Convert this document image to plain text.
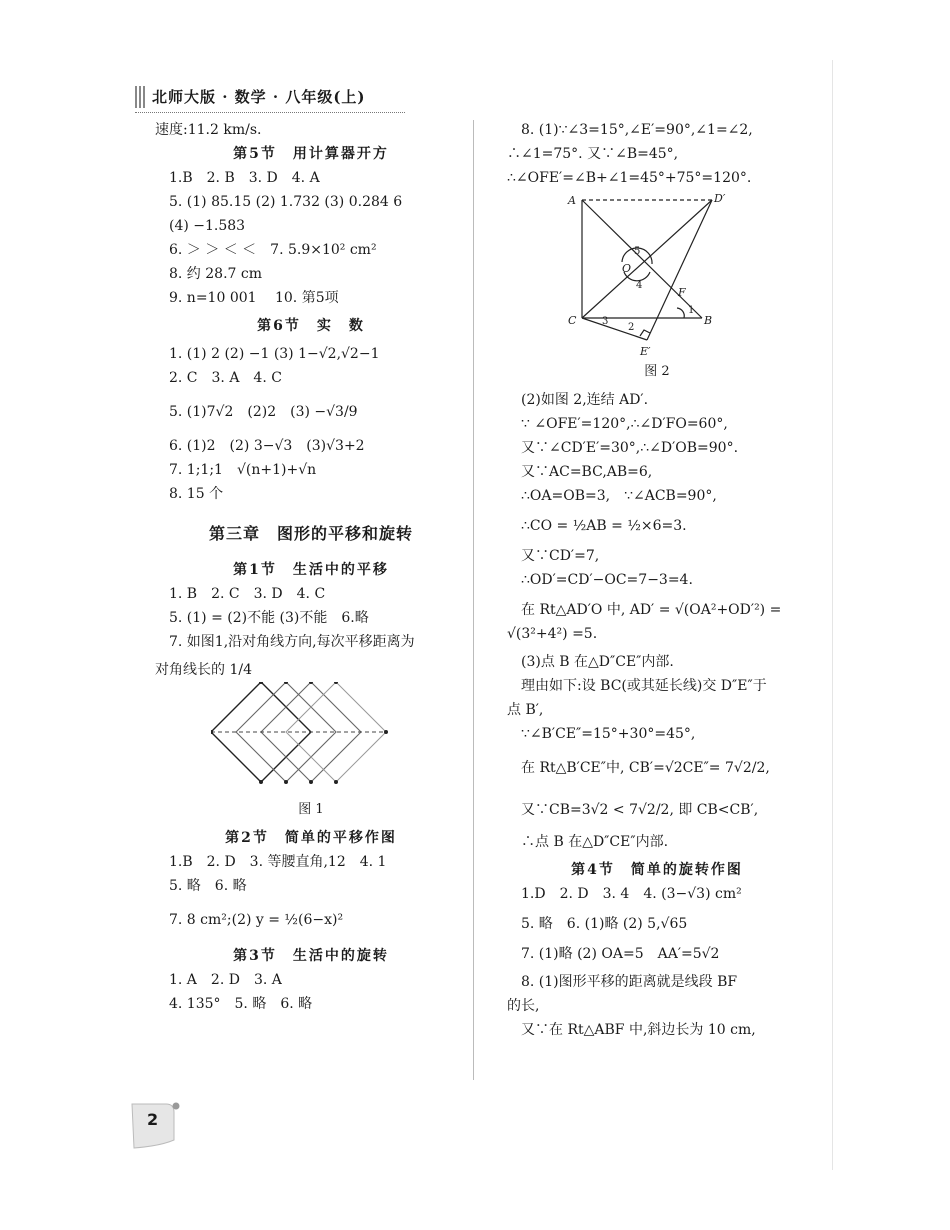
北师大版 · 数学 · 八年级(上)
速度:11.2 km/s.
第5节　用计算器开方
1.B　2. B　3. D　4. A
5. (1) 85.15 (2) 1.732 (3) 0.284 6
(4) −1.583
6. ＞ ＞ ＜ ＜　7. 5.9×10² cm²
8. 约 28.7 cm
9. n=10 001　 10. 第5项
第6节　实　数
1. (1) 2 (2) −1 (3) 1−√2,√2−1
2. C　3. A　4. C
5. (1)7√2　(2)2　(3) −√3/9
6. (1)2　(2) 3−√3　(3)√3+2
7. 1;1;1　√(n+1)+√n
8. 15 个
第三章　图形的平移和旋转
第1节　生活中的平移
1. B　2. C　3. D　4. C
5. (1) = (2)不能 (3)不能　6.略
7. 如图1,沿对角线方向,每次平移距离为
对角线长的 1/4
图 1
第2节　简单的平移作图
1.B　2. D　3. 等腰直角,12　4. 1
5. 略　6. 略
7. 8 cm²;(2) y = ½(6−x)²
第3节　生活中的旋转
1. A　2. D　3. A
4. 135°　5. 略　6. 略
8. (1)∵∠3=15°,∠E′=90°,∠1=∠2,
∴∠1=75°. 又∵∠B=45°,
∴∠OFE′=∠B+∠1=45°+75°=120°.
A	D′
O
F
C	B
E′
5
4
1
2
3
图 2
(2)如图 2,连结 AD′.
∵ ∠OFE′=120°,∴∠D′FO=60°,
又∵∠CD′E′=30°,∴∠D′OB=90°.
又∵AC=BC,AB=6,
∴OA=OB=3,　∵∠ACB=90°,
∴CO = ½AB = ½×6=3.
又∵CD′=7,
∴OD′=CD′−OC=7−3=4.
在 Rt△AD′O 中, AD′ = √(OA²+OD′²) =
√(3²+4²) =5.
(3)点 B 在△D″CE″内部.
理由如下:设 BC(或其延长线)交 D″E″于
点 B′,
∵∠B′CE″=15°+30°=45°,
在 Rt△B′CE″中, CB′=√2CE″= 7√2/2,
又∵CB=3√2 < 7√2/2, 即 CB<CB′,
∴点 B 在△D″CE″内部.
第4节　简单的旋转作图
1.D　2. D　3. 4　4. (3−√3) cm²
5. 略　6. (1)略 (2) 5,√65
7. (1)略 (2) OA=5　AA′=5√2
8. (1)图形平移的距离就是线段 BF
的长,
又∵在 Rt△ABF 中,斜边长为 10 cm,
2
